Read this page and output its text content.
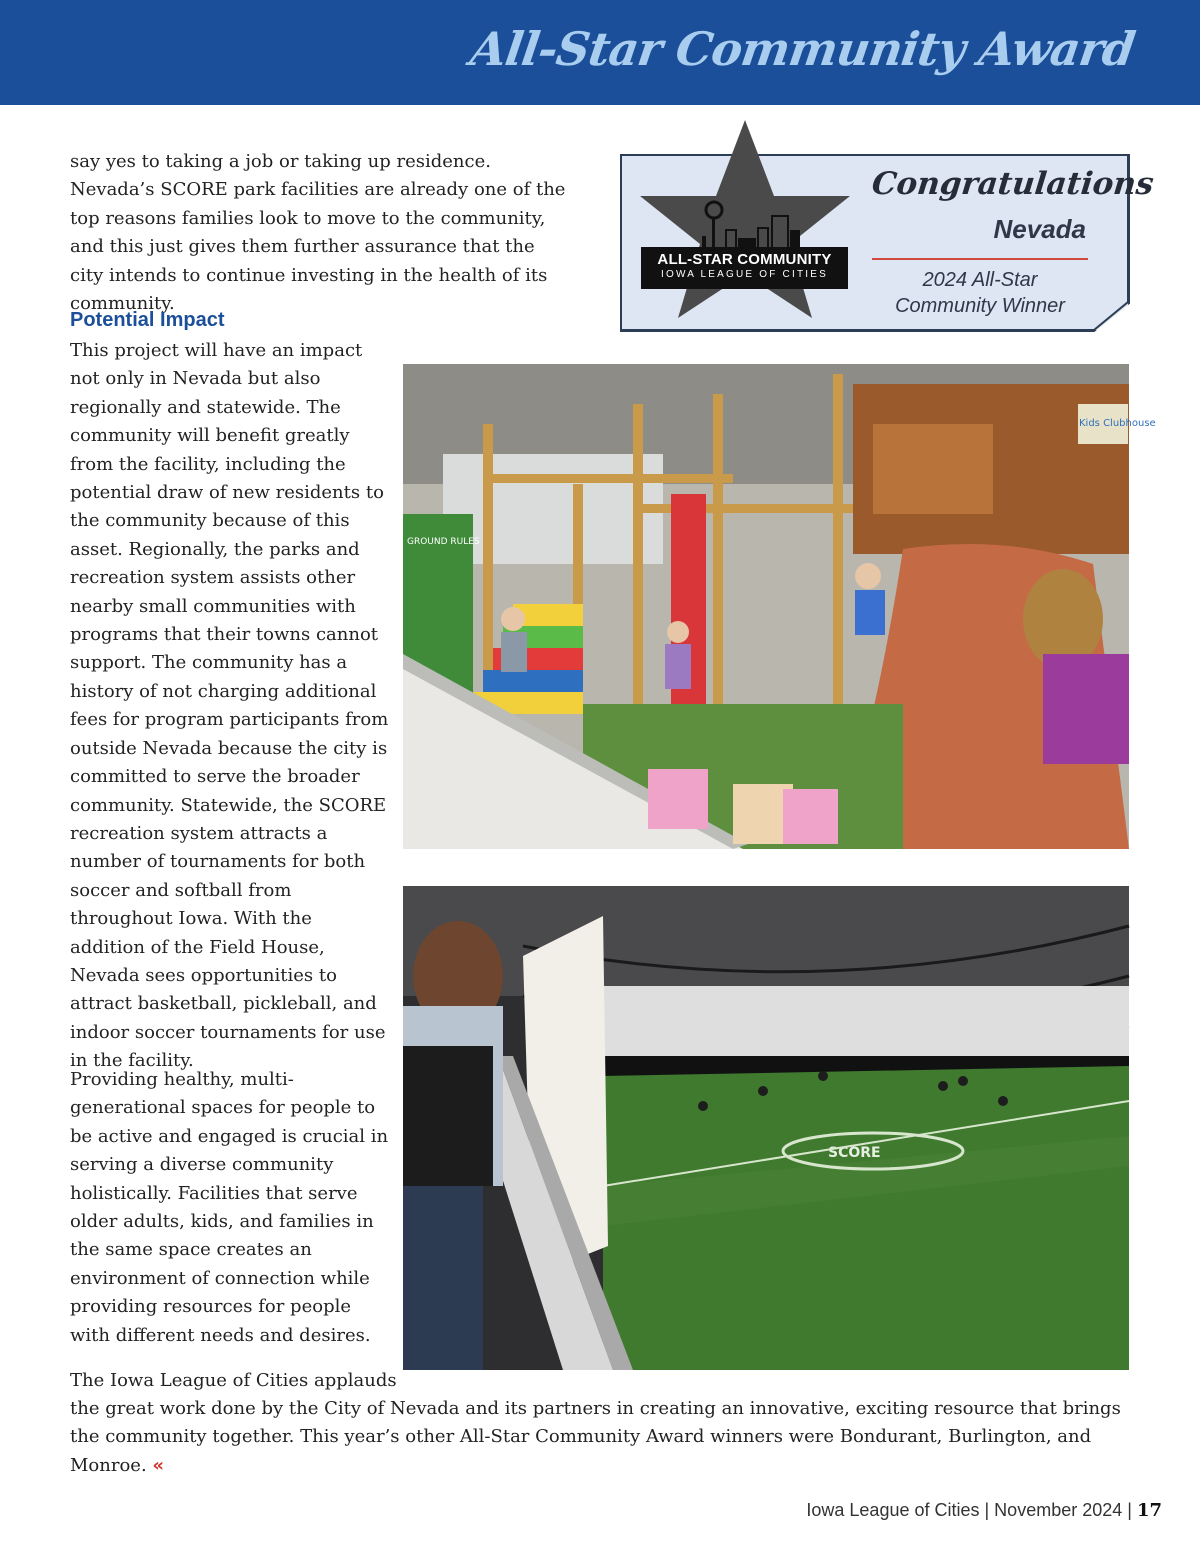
All-Star Community Award

say yes to taking a job or taking up residence. Nevada’s SCORE park facilities are already one of the top reasons families look to move to the community, and this just gives them further assurance that the city intends to continue investing in the health of its community.

ALL-STAR COMMUNITY
IOWA LEAGUE OF CITIES
Congratulations
Nevada
2024 All-Star
Community Winner
Potential Impact

This project will have an impact not only in Nevada but also regionally and statewide. The community will benefit greatly from the facility, including the potential draw of new residents to the community because of this asset. Regionally, the parks and recreation system assists other nearby small communities with programs that their towns cannot support. The community has a history of not charging additional fees for program participants from outside Nevada because the city is committed to serve the broader community. Statewide, the SCORE recreation system attracts a number of tournaments for both soccer and softball from throughout Iowa. With the addition of the Field House, Nevada sees opportunities to attract basketball, pickleball, and indoor soccer tournaments for use in the facility.

GROUND RULES
Kids Clubhouse
SCORE

Providing healthy, multi-generational spaces for people to be active and engaged is crucial in serving a diverse community holistically. Facilities that serve older adults, kids, and families in the same space creates an environment of connection while providing resources for people with different needs and desires.

The Iowa League of Cities applauds

the great work done by the City of Nevada and its partners in creating an innovative, exciting resource that brings the community together. This year’s other All-Star Community Award winners were Bondurant, Burlington, and Monroe. «

Iowa League of Cities | November 2024 | 17
